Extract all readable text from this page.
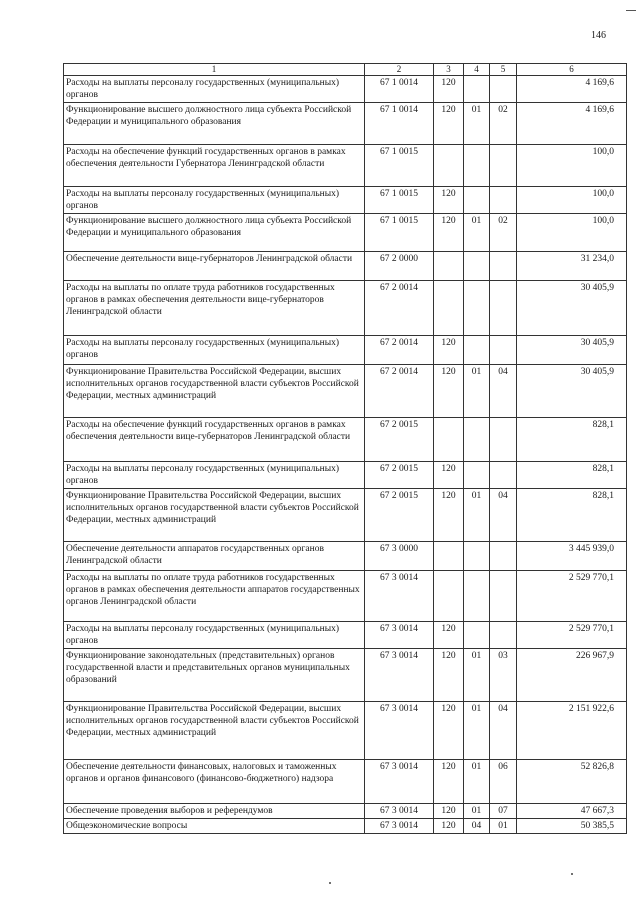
146
1	2	3	4	5	6
Расходы на выплаты персоналу государственных (муниципальных) органов	67 1 0014	120			4 169,6
Функционирование высшего должностного лица субъекта Российской Федерации и муниципального образования	67 1 0014	120	01	02	4 169,6
Расходы на обеспечение функций государственных органов в рамках обеспечения деятельности Губернатора Ленинградской области	67 1 0015				100,0
Расходы на выплаты персоналу государственных (муниципальных) органов	67 1 0015	120			100,0
Функционирование высшего должностного лица субъекта Российской Федерации и муниципального образования	67 1 0015	120	01	02	100,0
Обеспечение деятельности вице-губернаторов Ленинградской области	67 2 0000				31 234,0
Расходы на выплаты по оплате труда работников государственных органов в рамках обеспечения деятельности вице-губернаторов Ленинградской области	67 2 0014				30 405,9
Расходы на выплаты персоналу государственных (муниципальных) органов	67 2 0014	120			30 405,9
Функционирование Правительства Российской Федерации, высших исполнительных органов государственной власти субъектов Российской Федерации, местных администраций	67 2 0014	120	01	04	30 405,9
Расходы на обеспечение функций государственных органов в рамках обеспечения деятельности вице-губернаторов Ленинградской области	67 2 0015				828,1
Расходы на выплаты персоналу государственных (муниципальных) органов	67 2 0015	120			828,1
Функционирование Правительства Российской Федерации, высших исполнительных органов государственной власти субъектов Российской Федерации, местных администраций	67 2 0015	120	01	04	828,1
Обеспечение деятельности аппаратов государственных органов Ленинградской области	67 3 0000				3 445 939,0
Расходы на выплаты по оплате труда работников государственных органов в рамках обеспечения деятельности аппаратов государственных органов Ленинградской области	67 3 0014				2 529 770,1
Расходы на выплаты персоналу государственных (муниципальных) органов	67 3 0014	120			2 529 770,1
Функционирование законодательных (представительных) органов государственной власти и представительных органов муниципальных образований	67 3 0014	120	01	03	226 967,9
Функционирование Правительства Российской Федерации, высших исполнительных органов государственной власти субъектов Российской Федерации, местных администраций	67 3 0014	120	01	04	2 151 922,6
Обеспечение деятельности финансовых, налоговых и таможенных органов и органов финансового (финансово-бюджетного) надзора	67 3 0014	120	01	06	52 826,8
Обеспечение проведения выборов и референдумов	67 3 0014	120	01	07	47 667,3
Общеэкономические вопросы	67 3 0014	120	04	01	50 385,5
